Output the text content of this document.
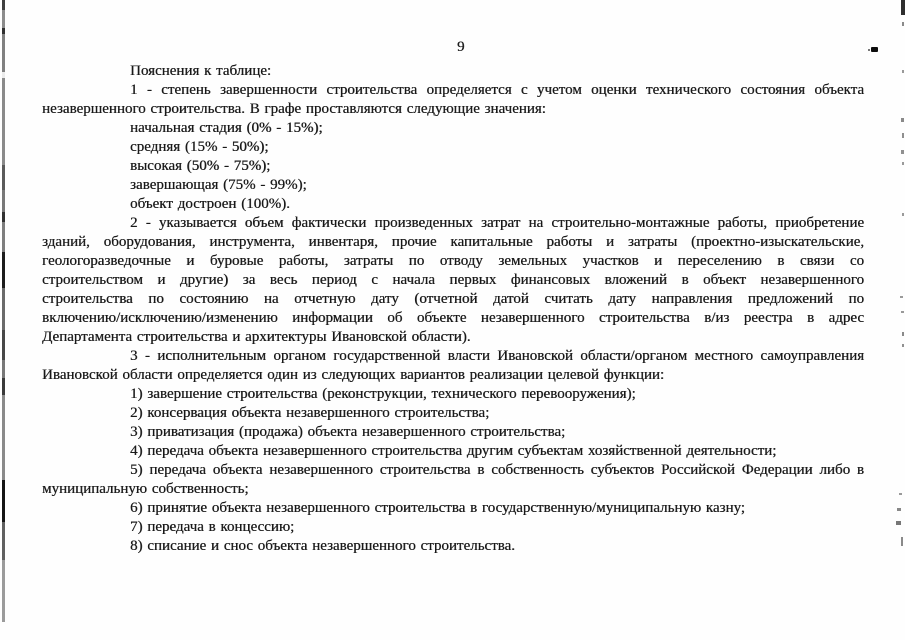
9
Пояснения к таблице:
1 - степень завершенности строительства определяется с учетом оценки технического состояния объекта
незавершенного строительства. В графе проставляются следующие значения:
начальная стадия (0% - 15%);
средняя (15% - 50%);
высокая (50% - 75%);
завершающая (75% - 99%);
объект достроен (100%).
2 - указывается объем фактически произведенных затрат на строительно-монтажные работы, приобретение
зданий, оборудования, инструмента, инвентаря, прочие капитальные работы и затраты (проектно-изыскательские,
геологоразведочные и буровые работы, затраты по отводу земельных участков и переселению в связи со
строительством и другие) за весь период с начала первых финансовых вложений в объект незавершенного
строительства по состоянию на отчетную дату (отчетной датой считать дату направления предложений по
включению/исключению/изменению информации об объекте незавершенного строительства в/из реестра в адрес
Департамента строительства и архитектуры Ивановской области).
3 - исполнительным органом государственной власти Ивановской области/органом местного самоуправления
Ивановской области определяется один из следующих вариантов реализации целевой функции:
1) завершение строительства (реконструкции, технического перевооружения);
2) консервация объекта незавершенного строительства;
3) приватизация (продажа) объекта незавершенного строительства;
4) передача объекта незавершенного строительства другим субъектам хозяйственной деятельности;
5) передача объекта незавершенного строительства в собственность субъектов Российской Федерации либо в
муниципальную собственность;
6) принятие объекта незавершенного строительства в государственную/муниципальную казну;
7) передача в концессию;
8) списание и снос объекта незавершенного строительства.
